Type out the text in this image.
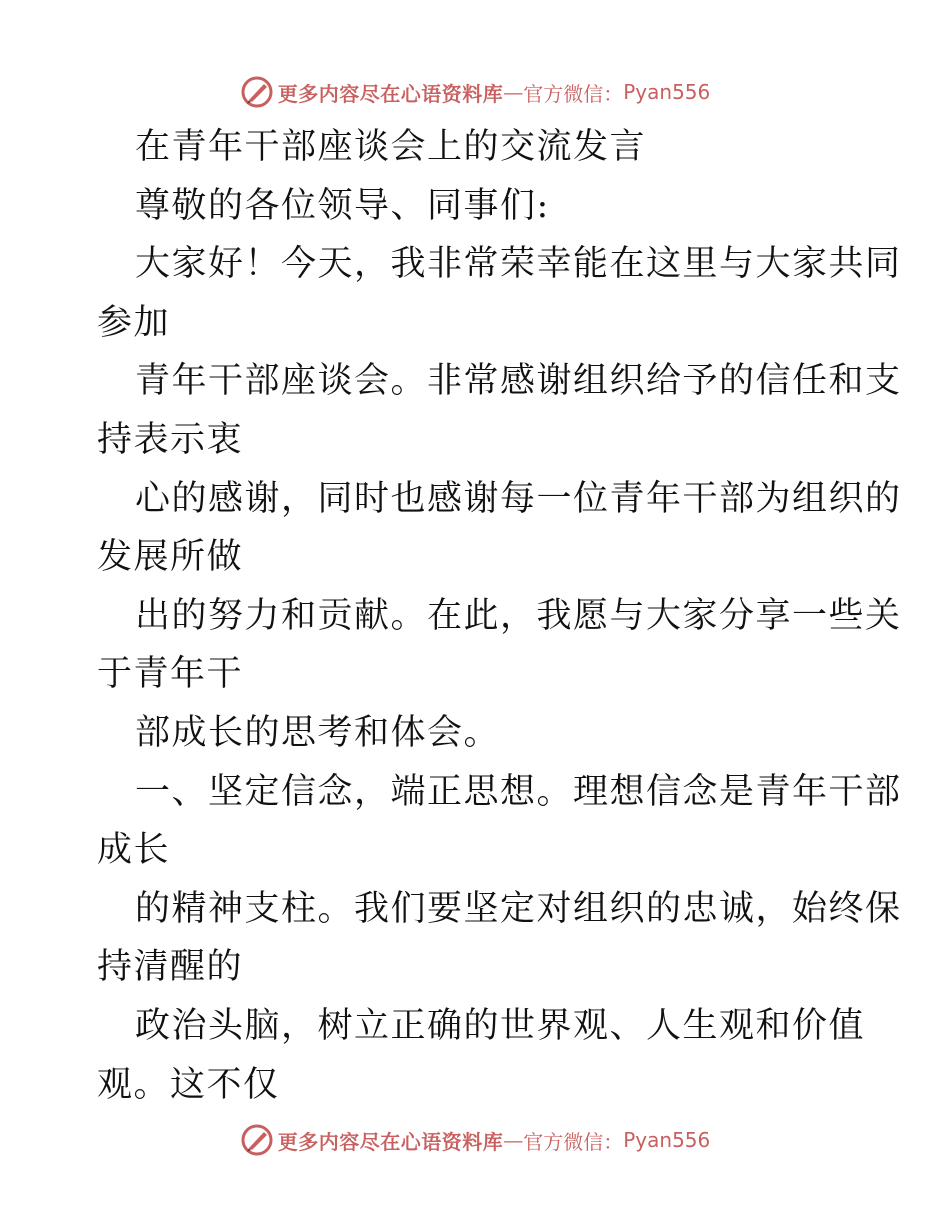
更多内容尽在心语资料库 — 官方微信： Pyan556
在青年干部座谈会上的交流发言
尊敬的各位领导、同事们:
大家好！今天，我非常荣幸能在这里与大家共同
参加
青年干部座谈会。非常感谢组织给予的信任和支
持表示衷
心的感谢，同时也感谢每一位青年干部为组织的
发展所做
出的努力和贡献。在此，我愿与大家分享一些关
于青年干
部成长的思考和体会。
一、坚定信念，端正思想。理想信念是青年干部
成长
的精神支柱。我们要坚定对组织的忠诚，始终保
持清醒的
政治头脑，树立正确的世界观、人生观和价值
观。这不仅
更多内容尽在心语资料库 — 官方微信： Pyan556
